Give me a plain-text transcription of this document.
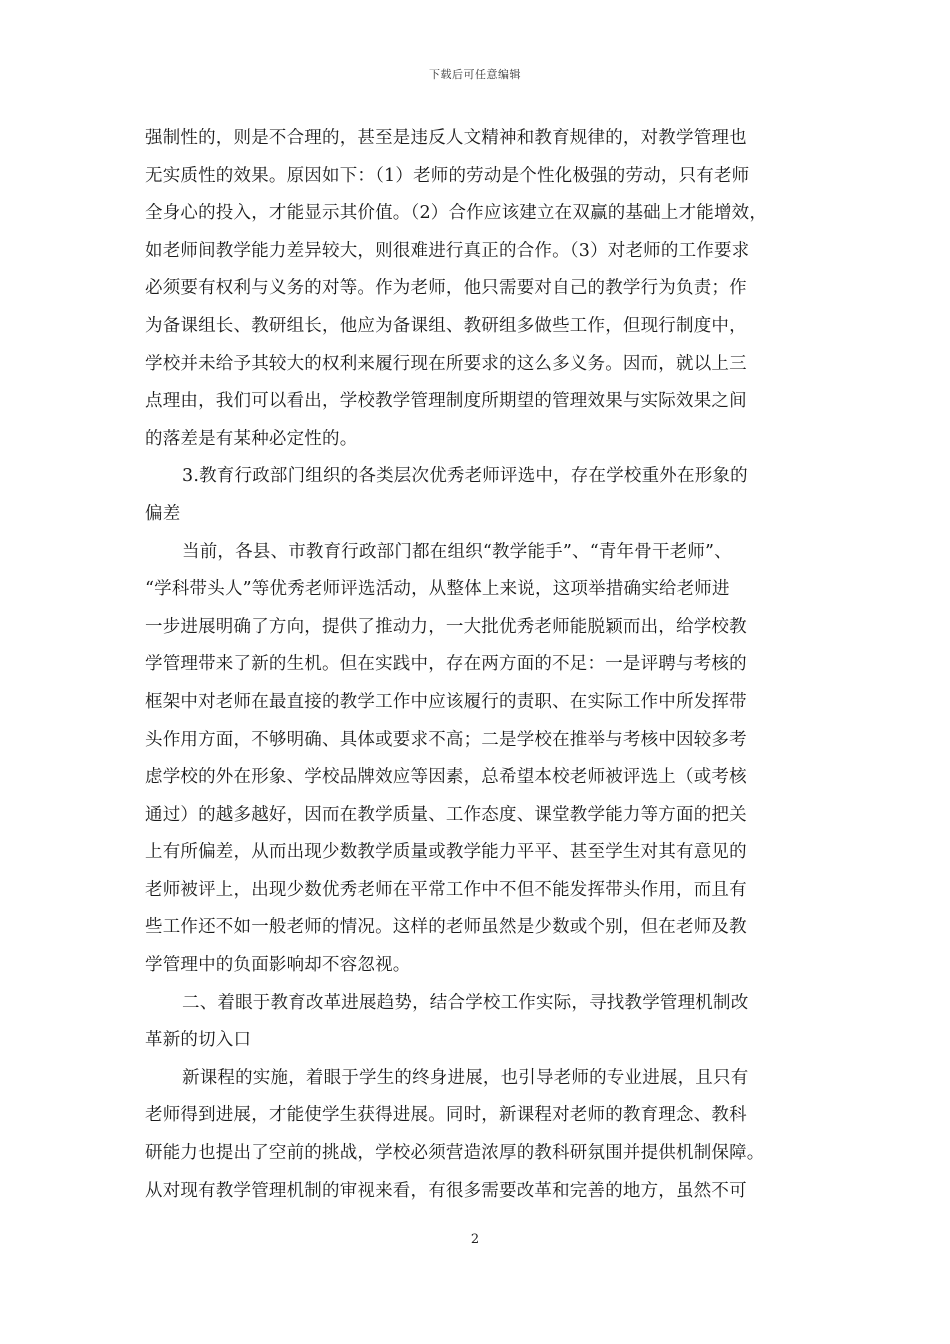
下载后可任意编辑
强制性的，则是不合理的，甚至是违反人文精神和教育规律的，对教学管理也
无实质性的效果。原因如下：（1）老师的劳动是个性化极强的劳动，只有老师
全身心的投入，才能显示其价值。（2）合作应该建立在双赢的基础上才能增效，
如老师间教学能力差异较大，则很难进行真正的合作。（3）对老师的工作要求
必须要有权利与义务的对等。作为老师，他只需要对自己的教学行为负责；作
为备课组长、教研组长，他应为备课组、教研组多做些工作，但现行制度中，
学校并未给予其较大的权利来履行现在所要求的这么多义务。因而，就以上三
点理由，我们可以看出，学校教学管理制度所期望的管理效果与实际效果之间
的落差是有某种必定性的。
3.教育行政部门组织的各类层次优秀老师评选中，存在学校重外在形象的
偏差
当前，各县、市教育行政部门都在组织“教学能手”、“青年骨干老师”、
“学科带头人”等优秀老师评选活动，从整体上来说，这项举措确实给老师进
一步进展明确了方向，提供了推动力，一大批优秀老师能脱颖而出，给学校教
学管理带来了新的生机。但在实践中，存在两方面的不足：一是评聘与考核的
框架中对老师在最直接的教学工作中应该履行的责职、在实际工作中所发挥带
头作用方面，不够明确、具体或要求不高；二是学校在推举与考核中因较多考
虑学校的外在形象、学校品牌效应等因素，总希望本校老师被评选上（或考核
通过）的越多越好，因而在教学质量、工作态度、课堂教学能力等方面的把关
上有所偏差，从而出现少数教学质量或教学能力平平、甚至学生对其有意见的
老师被评上，出现少数优秀老师在平常工作中不但不能发挥带头作用，而且有
些工作还不如一般老师的情况。这样的老师虽然是少数或个别，但在老师及教
学管理中的负面影响却不容忽视。
二、着眼于教育改革进展趋势，结合学校工作实际，寻找教学管理机制改
革新的切入口
新课程的实施，着眼于学生的终身进展，也引导老师的专业进展，且只有
老师得到进展，才能使学生获得进展。同时，新课程对老师的教育理念、教科
研能力也提出了空前的挑战，学校必须营造浓厚的教科研氛围并提供机制保障。
从对现有教学管理机制的审视来看，有很多需要改革和完善的地方，虽然不可
2
